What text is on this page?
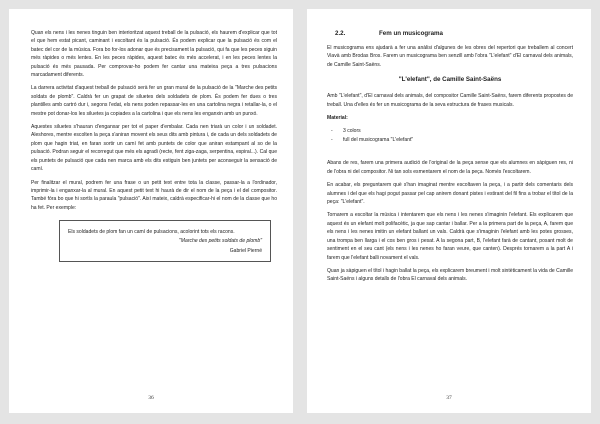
Quan els nens i les nenes tinguin ben interioritzat aquest treball de la pulsació, els haurem d'explicar que tot el que hem estat picant, caminant i escoltant és la pulsació. És podem explicar que la pulsació és com el batec del cor de la música. Fora bo for-los adonar que és precisament la pulsació, qui fa que les peces siguin més ràpides o més lentes. En les peces ràpides, aquest batec és més accelerat, i en les peces lentes la pulsació és més pausada. Per comprovar-ho podem fer cantar una mateixa peça a tres pulsacions marcadament diferents.

La darrera activitat d'aquest treball de pulsació serà fer un gran mural de la pulsació de la "Marche des petits soldats de plomb". Caldrà fer un grapat de siluetes dels soldadets de plom. És podem fer dues o tres plantilles amb cartró dur i, segons l'edat, els nens poden repassar-les en una cartolina negra i retallar-la, o el mestre pot donar-los les siluetes ja copiades a la cartolina i que els nens les enganxin amb un punxó.

Aquestes siluetes s'hauran d'enganxar per tot el paper d'embalar. Cada nen triarà un color i un soldadet. Aleshores, mentre escolten la peça s'aniran movent els seus dits amb pintura i, de cada un dels soldadets de plom que hagin triat, en faran sortir un camí fet amb puntets de color que aniran estampant al so de la pulsació. Podran seguir el recorregut que més els agradi (recte, fent ziga-zaga, serpentina, espiral...). Cal que els puntets de pulsació que cada nen marca amb els dits estiguin ben juntets per aconseguir la sensació de camí.

Per finalitzar el mural, podrem fer una frase o un petit text entre tota la classe, passar-la a l'ordinador, imprimir-la i enganxar-la al mural. En aquest petit text hi haurà de dir el nom de la peça i el del compositor. També fóra bo que hi sortís la paraula "pulsació". Així mateix, caldrà especificar-hi el nom de la classe que ho ha fet. Per exemple:

Els soldadets de plom fan un camí de pulsacions, acolorint tots els racons.

"Marche des petits soldats de plomb"

Gabriel Pierné

36
2.2.	Fem un musicograma

El musicograma ens ajudarà a fer una anàlisi d'algunes de les obres del repertori que treballem al concert Viavà amb Brodas Bros. Farem un musicograma ben senzill amb l'obra "L'elefant" d'El carnaval dels animals, de Camille Saint-Saëns.

"L'elefant", de Camille Saint-Saëns

Amb "L'elefant", d'El carnaval dels animals, del compositor Camille Saint-Saëns, farem diferents propostes de treball. Una d'elles és fer un musicograma de la seva estructura de frases musicals.

Material:
-	3 colors
-	full del musicograma "L'elefant"

Abans de res, farem una primera audició de l'original de la peça sense que els alumnes en sàpiguen res, ni de l'obra ni del compositor. Ni tan sols esmentarem el nom de la peça. Només l'escoltarem.

En acabar, els preguntarem què s'han imaginat mentre escoltaven la peça, i a partir dels comentaris dels alumnes i del que els hagi pogut passar pel cap anirem donant pistes i estirant del fil fins a trobar el títol de la peça: "L'elefant".

Tornarem a escoltar la música i intentarem que els nens i les nenes s'imaginin l'elefant. Els explicarem que aquest és un elefant molt polifacètic, ja que sap cantar i ballar. Per a la primera part de la peça, A, farem que els nens i les nenes imitin un elefant ballant un vals. Caldrà que s'imaginin l'elefant amb les potes grosses, una trompa ben llarga i el cos ben gros i pesat. A la segona part, B, l'elefant farà de cantant, posant molt de sentiment en el seu cant (els nens i les nenes ho faran veure, que canten). Després tornarem a la part A i farem que l'elefant balli novament el vals.

Quan ja sàpiguen el títol i hagin ballat la peça, els explicarem breument i molt sintèticament la vida de Camille Saint-Saëns i alguns detalls de l'obra El carnaval dels animals.

37
